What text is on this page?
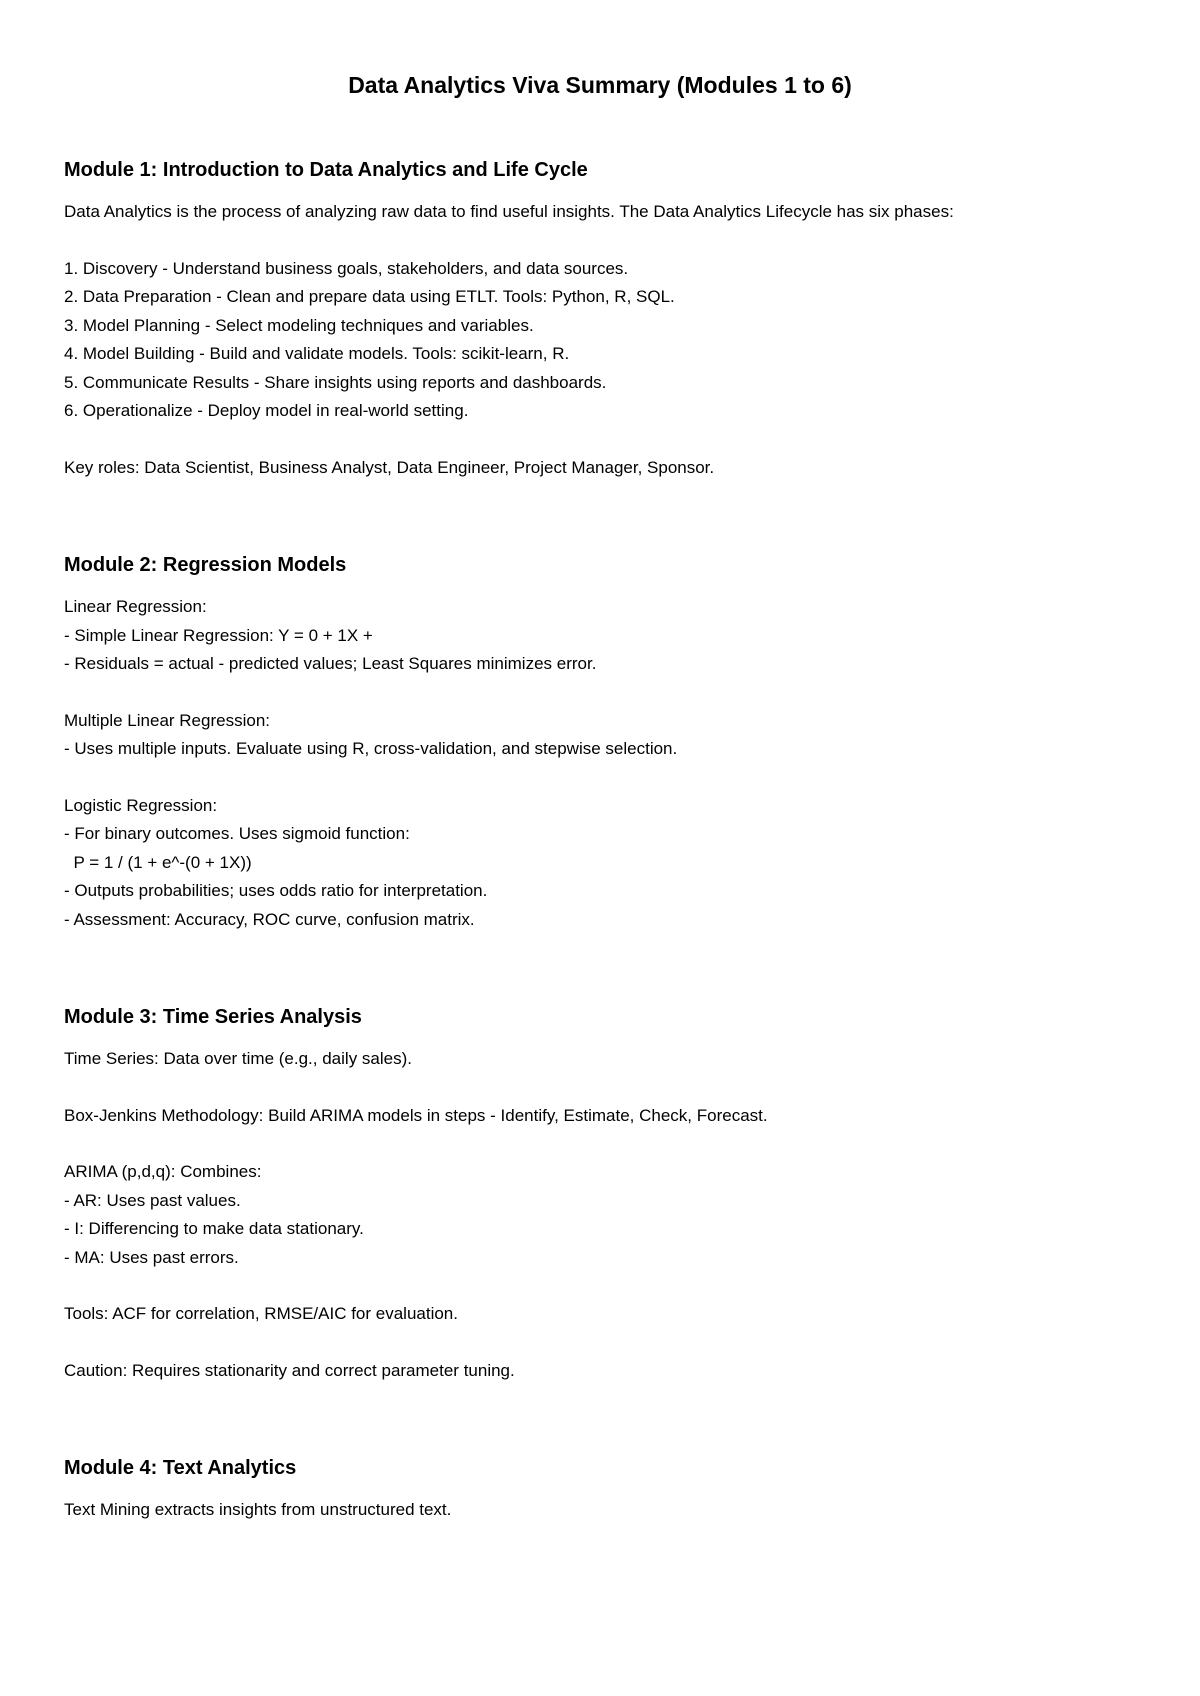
Data Analytics Viva Summary (Modules 1 to 6)
Module 1: Introduction to Data Analytics and Life Cycle
Data Analytics is the process of analyzing raw data to find useful insights. The Data Analytics Lifecycle has six phases:
1. Discovery - Understand business goals, stakeholders, and data sources.
2. Data Preparation - Clean and prepare data using ETLT. Tools: Python, R, SQL.
3. Model Planning - Select modeling techniques and variables.
4. Model Building - Build and validate models. Tools: scikit-learn, R.
5. Communicate Results - Share insights using reports and dashboards.
6. Operationalize - Deploy model in real-world setting.
Key roles: Data Scientist, Business Analyst, Data Engineer, Project Manager, Sponsor.
Module 2: Regression Models
Linear Regression:
- Simple Linear Regression: Y = 0 + 1X +
- Residuals = actual - predicted values; Least Squares minimizes error.
Multiple Linear Regression:
- Uses multiple inputs. Evaluate using R, cross-validation, and stepwise selection.
Logistic Regression:
- For binary outcomes. Uses sigmoid function:
P = 1 / (1 + e^-(0 + 1X))
- Outputs probabilities; uses odds ratio for interpretation.
- Assessment: Accuracy, ROC curve, confusion matrix.
Module 3: Time Series Analysis
Time Series: Data over time (e.g., daily sales).
Box-Jenkins Methodology: Build ARIMA models in steps - Identify, Estimate, Check, Forecast.
ARIMA (p,d,q): Combines:
- AR: Uses past values.
- I: Differencing to make data stationary.
- MA: Uses past errors.
Tools: ACF for correlation, RMSE/AIC for evaluation.
Caution: Requires stationarity and correct parameter tuning.
Module 4: Text Analytics
Text Mining extracts insights from unstructured text.
